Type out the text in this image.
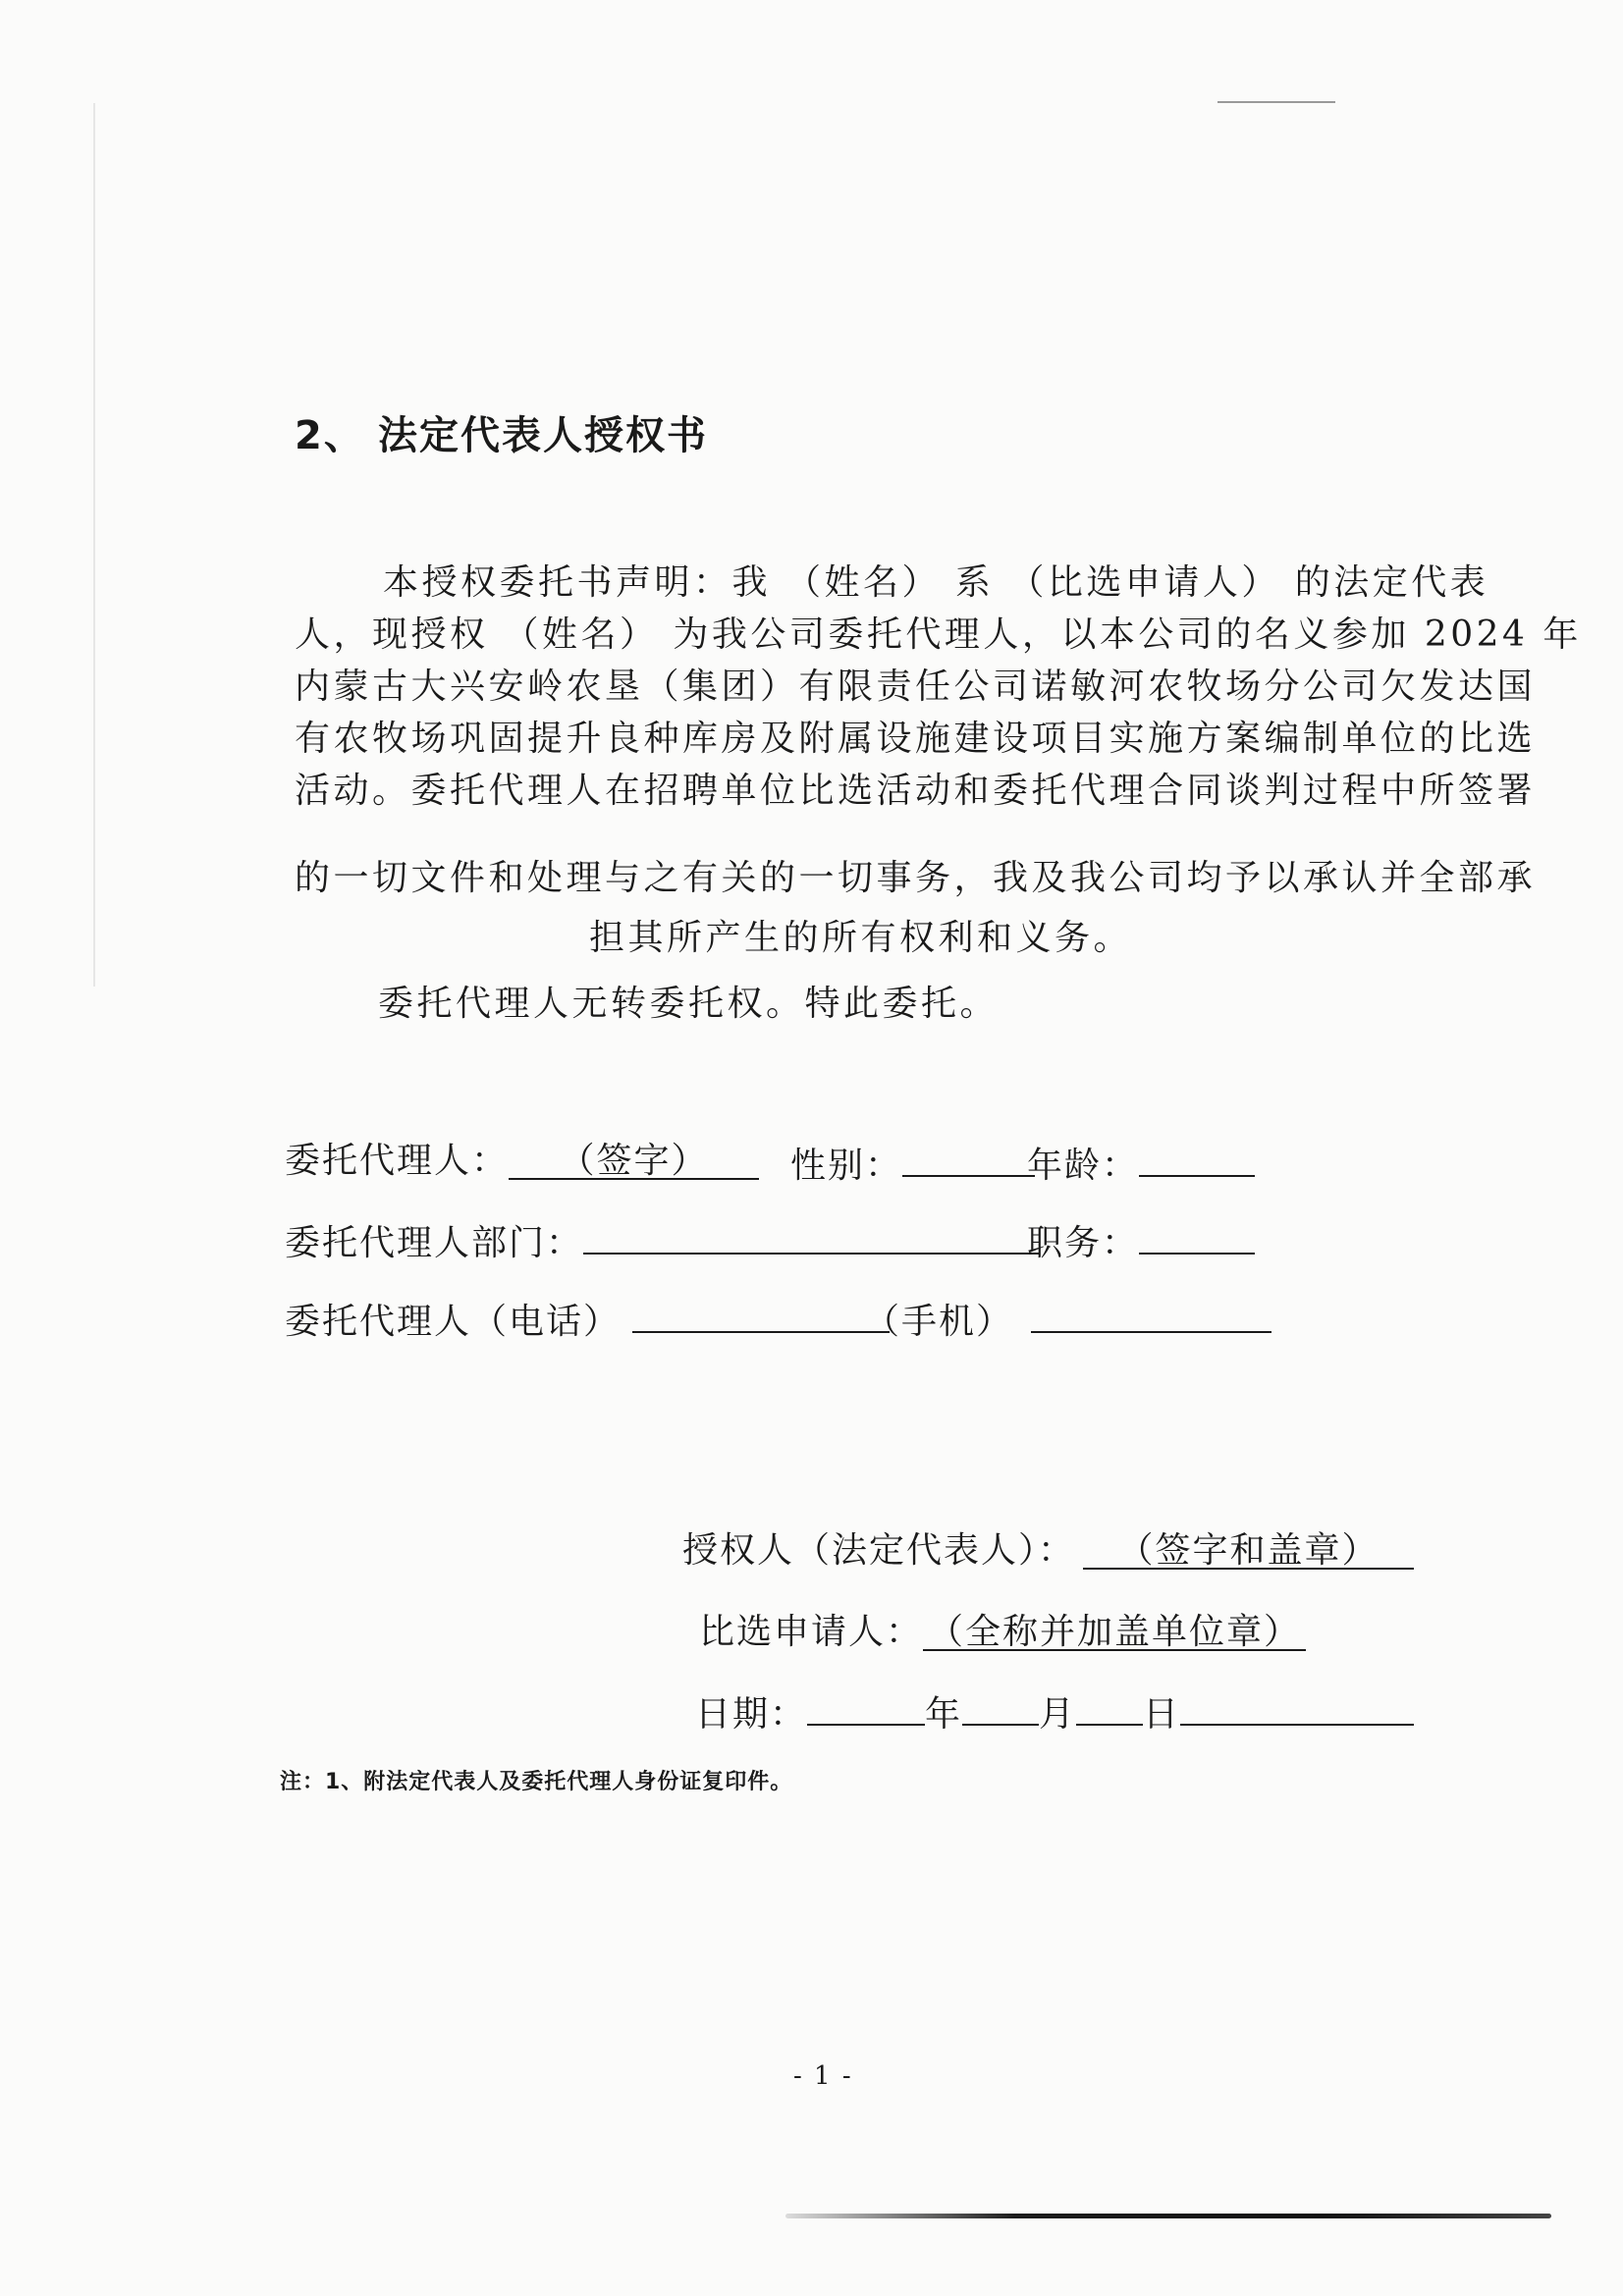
2、 法定代表人授权书
本授权委托书声明：我 （姓名） 系 （比选申请人） 的法定代表
人，现授权 （姓名） 为我公司委托代理人，以本公司的名义参加 2024 年
内蒙古大兴安岭农垦（集团）有限责任公司诺敏河农牧场分公司欠发达国
有农牧场巩固提升良种库房及附属设施建设项目实施方案编制单位的比选
活动。委托代理人在招聘单位比选活动和委托代理合同谈判过程中所签署
的一切文件和处理与之有关的一切事务，我及我公司均予以承认并全部承
担其所产生的所有权利和义务。
委托代理人无转委托权。特此委托。
委托代理人： （签字）	性别：	年龄：
委托代理人部门：	职务：
委托代理人（电话）	（手机）
授权人（法定代表人）： （签字和盖章）
比选申请人： （全称并加盖单位章）
日期：	年 月 日
注：1、附法定代表人及委托代理人身份证复印件。
- 1 -
